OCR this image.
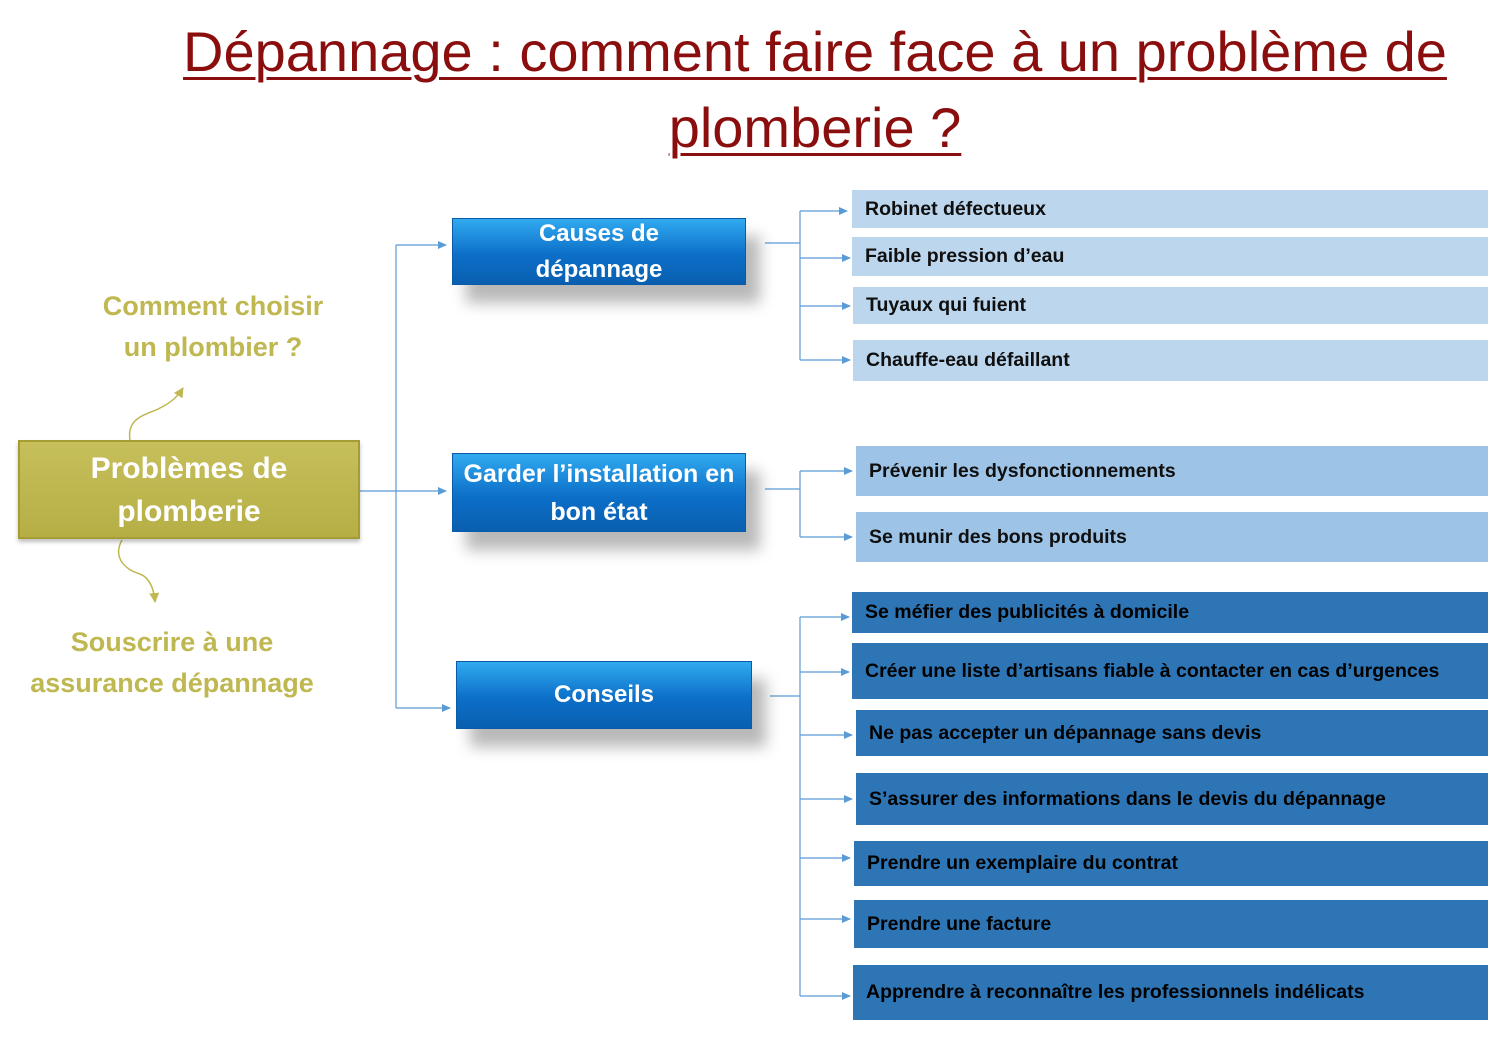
Dépannage : comment faire face à un problème de plomberie ?
Problèmes de plomberie
Comment choisir un plombier ?
Souscrire à une assurance dépannage
Causes de dépannage
Garder l’installation en bon état
Conseils
Robinet défectueux
Faible pression d’eau
Tuyaux qui fuient
Chauffe-eau défaillant
Prévenir les dysfonctionnements
Se munir des bons produits
Se méfier des publicités à domicile
Créer une liste d’artisans fiable à contacter en cas d’urgences
Ne pas accepter un dépannage sans devis
S’assurer des informations dans le devis du dépannage
Prendre un exemplaire du contrat
Prendre une facture
Apprendre à reconnaître les professionnels indélicats
